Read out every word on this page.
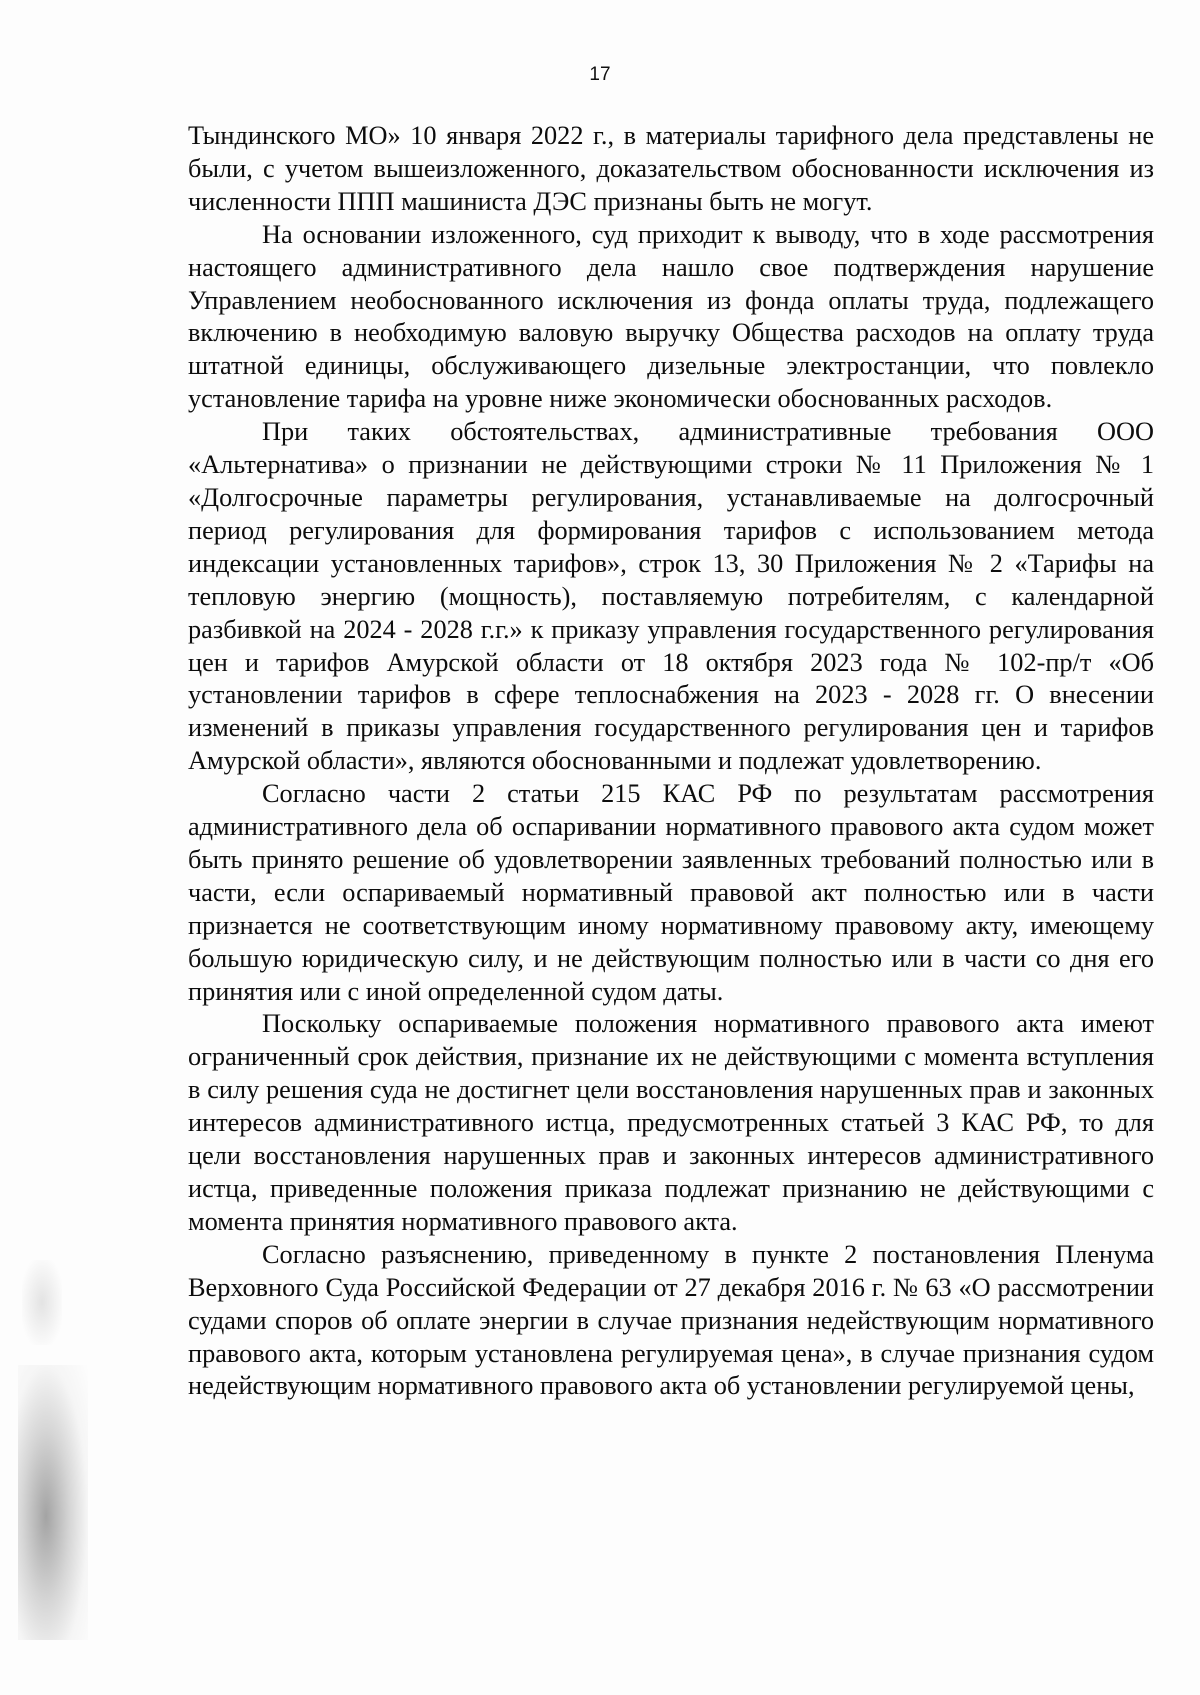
17

Тындинского МО» 10 января 2022 г., в материалы тарифного дела представлены не были, с учетом вышеизложенного, доказательством обоснованности исключения из численности ППП машиниста ДЭС признаны быть не могут.

На основании изложенного, суд приходит к выводу, что в ходе рассмотрения настоящего административного дела нашло свое подтверждения нарушение Управлением необоснованного исключения из фонда оплаты труда, подлежащего включению в необходимую валовую выручку Общества расходов на оплату труда штатной единицы, обслуживающего дизельные электростанции, что повлекло установление тарифа на уровне ниже экономически обоснованных расходов.

При таких обстоятельствах, административные требования ООО «Альтернатива» о признании не действующими строки № 11 Приложения № 1 «Долгосрочные параметры регулирования, устанавливаемые на долгосрочный период регулирования для формирования тарифов с использованием метода индексации установленных тарифов», строк 13, 30 Приложения № 2 «Тарифы на тепловую энергию (мощность), поставляемую потребителям, с календарной разбивкой на 2024 - 2028 г.г.» к приказу управления государственного регулирования цен и тарифов Амурской области от 18 октября 2023 года № 102-пр/т «Об установлении тарифов в сфере теплоснабжения на 2023 - 2028 гг. О внесении изменений в приказы управления государственного регулирования цен и тарифов Амурской области», являются обоснованными и подлежат удовлетворению.

Согласно части 2 статьи 215 КАС РФ по результатам рассмотрения административного дела об оспаривании нормативного правового акта судом может быть принято решение об удовлетворении заявленных требований полностью или в части, если оспариваемый нормативный правовой акт полностью или в части признается не соответствующим иному нормативному правовому акту, имеющему большую юридическую силу, и не действующим полностью или в части со дня его принятия или с иной определенной судом даты.

Поскольку оспариваемые положения нормативного правового акта имеют ограниченный срок действия, признание их не действующими с момента вступления в силу решения суда не достигнет цели восстановления нарушенных прав и законных интересов административного истца, предусмотренных статьей 3 КАС РФ, то для цели восстановления нарушенных прав и законных интересов административного истца, приведенные положения приказа подлежат признанию не действующими с момента принятия нормативного правового акта.

Согласно разъяснению, приведенному в пункте 2 постановления Пленума Верховного Суда Российской Федерации от 27 декабря 2016 г. № 63 «О рассмотрении судами споров об оплате энергии в случае признания недействующим нормативного правового акта, которым установлена регулируемая цена», в случае признания судом недействующим нормативного правового акта об установлении регулируемой цены,
